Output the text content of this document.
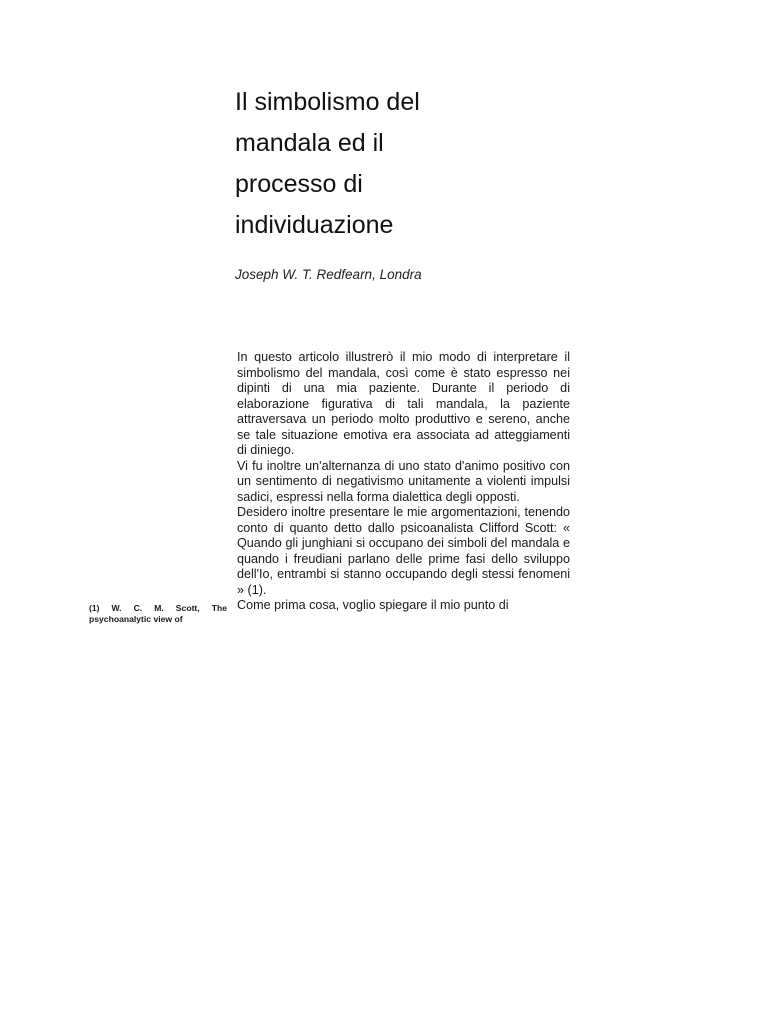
Il simbolismo del
mandala ed il
processo di
individuazione

Joseph W. T. Redfearn, Londra

In questo articolo illustrerò il mio modo di interpretare il simbolismo del mandala, così come è stato espresso nei dipinti di una mia paziente. Durante il periodo di elaborazione figurativa di tali mandala, la paziente attraversava un periodo molto produttivo e sereno, anche se tale situazione emotiva era associata ad atteggiamenti di diniego.

Vi fu inoltre un'alternanza di uno stato d'animo positivo con un sentimento di negativismo unitamente a violenti impulsi sadici, espressi nella forma dialettica degli opposti.

Desidero inoltre presentare le mie argomentazioni, tenendo conto di quanto detto dallo psicoanalista Clifford Scott: « Quando gli junghiani si occupano dei simboli del mandala e quando i freudiani parlano delle prime fasi dello sviluppo dell'Io, entrambi si stanno occupando degli stessi fenomeni » (1).

Come prima cosa, voglio spiegare il mio punto di

(1) W. C. M. Scott, The
psychoanalytic view of
